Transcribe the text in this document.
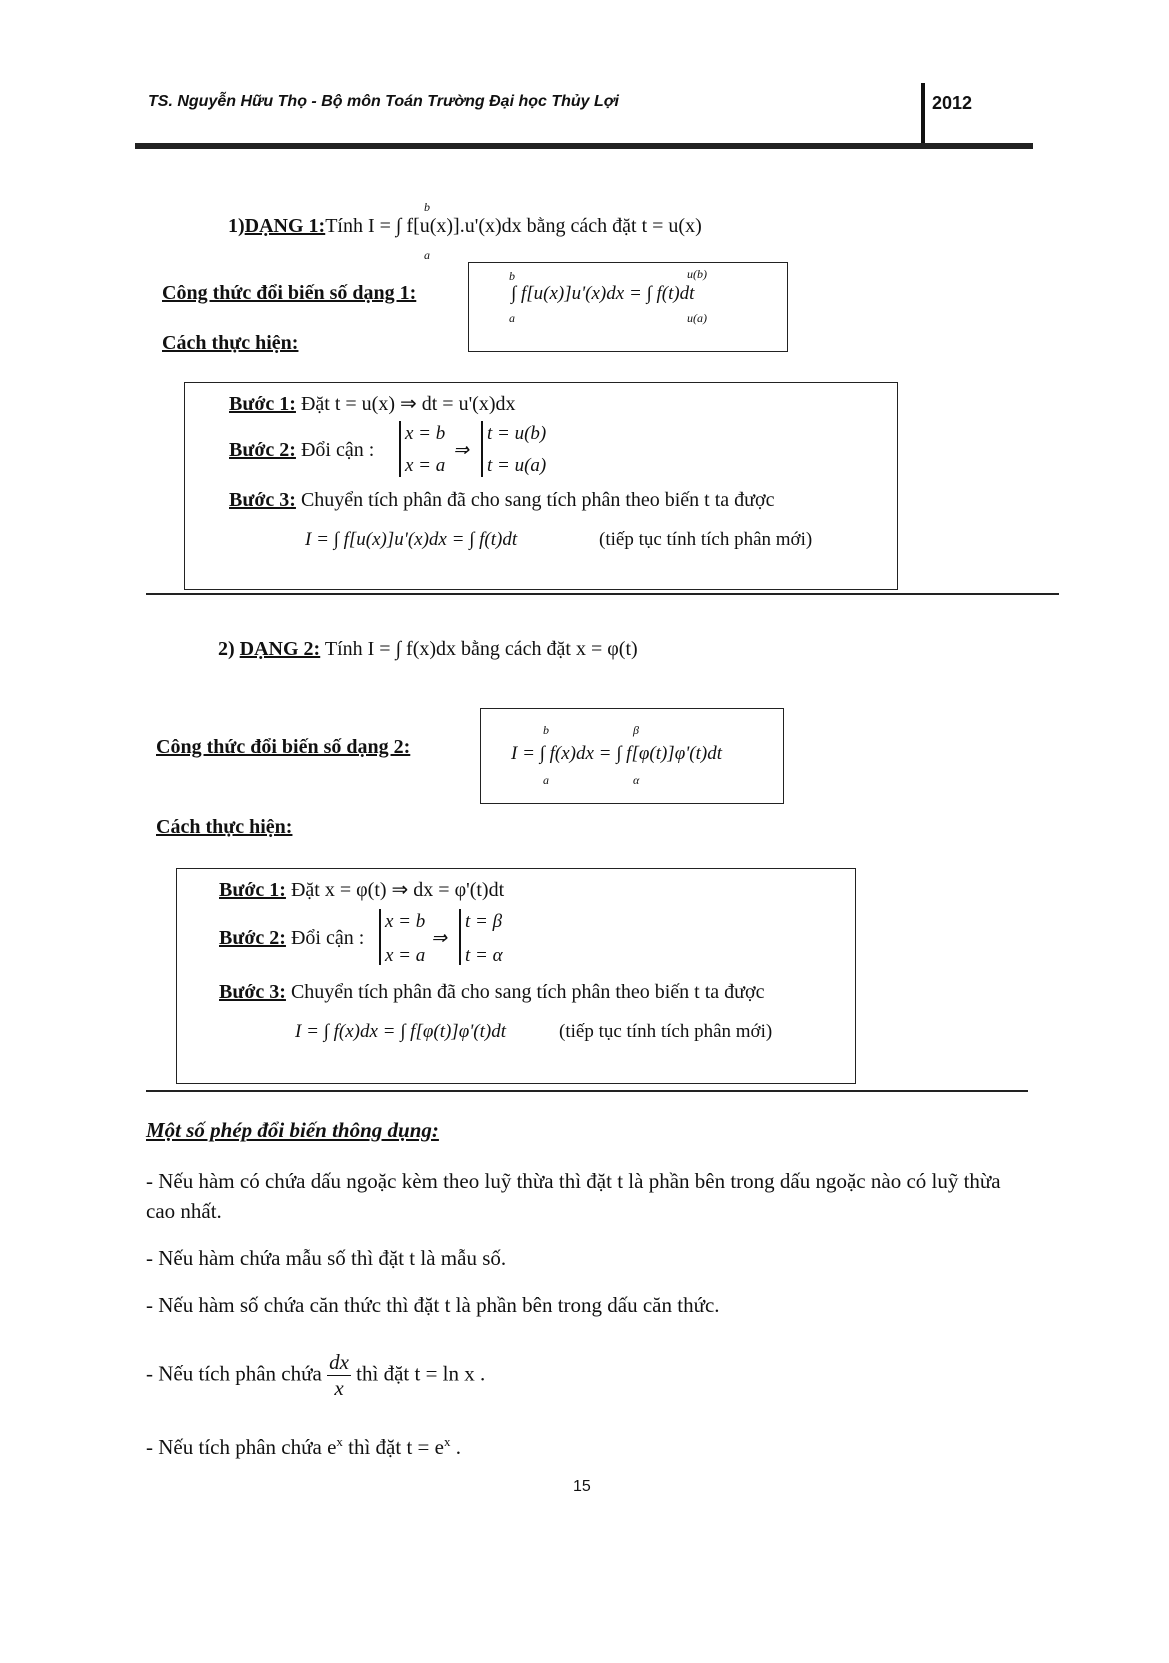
TS. Nguyễn Hữu Thọ - Bộ môn Toán Trường Đại học Thủy Lợi	2012
1)DẠNG 1:Tính I = ∫ f[u(x)].u'(x)dx bằng cách đặt t = u(x)
b
a
Công thức đổi biến số dạng 1:	∫ f[u(x)]u'(x)dx = ∫ f(t)dt
b
a
u(b)
u(a)
Cách thực hiện:
Bước 1: Đặt t = u(x) ⇒ dt = u'(x)dx
Bước 2: Đổi cận :
x = b
x = a
⇒
t = u(b)
t = u(a)
Bước 3: Chuyển tích phân đã cho sang tích phân theo biến t ta được
I = ∫ f[u(x)]u'(x)dx = ∫ f(t)dt	(tiếp tục tính tích phân mới)
2) DẠNG 2: Tính I = ∫ f(x)dx bằng cách đặt x = φ(t)
Công thức đổi biến số dạng 2:	I = ∫ f(x)dx = ∫ f[φ(t)]φ'(t)dt
b
a
β
α
Cách thực hiện:
Bước 1: Đặt x = φ(t) ⇒ dx = φ'(t)dt
Bước 2: Đổi cận :
x = b
x = a
⇒
t = β
t = α
Bước 3: Chuyển tích phân đã cho sang tích phân theo biến t ta được
I = ∫ f(x)dx = ∫ f[φ(t)]φ'(t)dt	(tiếp tục tính tích phân mới)
Một số phép đổi biến thông dụng:
- Nếu hàm có chứa dấu ngoặc kèm theo luỹ thừa thì đặt t là phần bên trong dấu ngoặc nào có luỹ thừa cao nhất.
- Nếu hàm chứa mẫu số thì đặt t là mẫu số.
- Nếu hàm số chứa căn thức thì đặt t là phần bên trong dấu căn thức.
- Nếu tích phân chứa $\frac{dx}{x}$ thì đặt t = ln x .
- Nếu tích phân chứa $e^x$ thì đặt $t = e^x$ .
15
